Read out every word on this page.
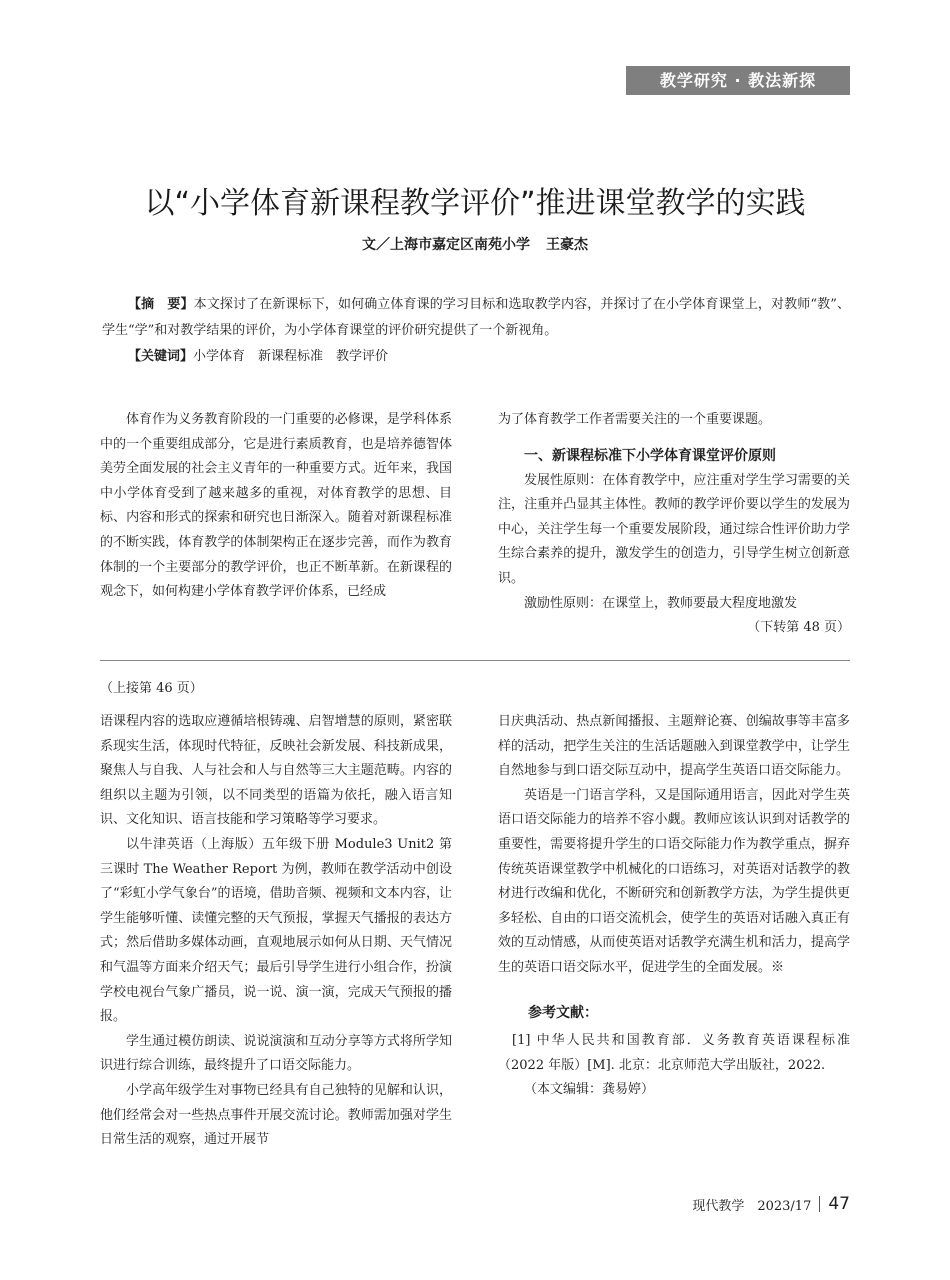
教学研究 · 教法新探
以“小学体育新课程教学评价”推进课堂教学的实践
文／上海市嘉定区南苑小学 王豪杰

【摘　要】本文探讨了在新课标下，如何确立体育课的学习目标和选取教学内容，并探讨了在小学体育课堂上，对教师“教”、学生“学”和对教学结果的评价，为小学体育课堂的评价研究提供了一个新视角。

【关键词】小学体育　新课程标准　教学评价

体育作为义务教育阶段的一门重要的必修课，是学科体系中的一个重要组成部分，它是进行素质教育，也是培养德智体美劳全面发展的社会主义青年的一种重要方式。近年来，我国中小学体育受到了越来越多的重视，对体育教学的思想、目标、内容和形式的探索和研究也日渐深入。随着对新课程标准的不断实践，体育教学的体制架构正在逐步完善，而作为教育体制的一个主要部分的教学评价，也正不断革新。在新课程的观念下，如何构建小学体育教学评价体系，已经成

为了体育教学工作者需要关注的一个重要课题。

一、新课程标准下小学体育课堂评价原则

发展性原则：在体育教学中，应注重对学生学习需要的关注，注重并凸显其主体性。教师的教学评价要以学生的发展为中心，关注学生每一个重要发展阶段，通过综合性评价助力学生综合素养的提升，激发学生的创造力，引导学生树立创新意识。

激励性原则：在课堂上，教师要最大程度地激发

（下转第 48 页）

（上接第 46 页）

语课程内容的选取应遵循培根铸魂、启智增慧的原则，紧密联系现实生活，体现时代特征，反映社会新发展、科技新成果，聚焦人与自我、人与社会和人与自然等三大主题范畴。内容的组织以主题为引领，以不同类型的语篇为依托，融入语言知识、文化知识、语言技能和学习策略等学习要求。

以牛津英语（上海版）五年级下册 Module3 Unit2 第三课时 The Weather Report 为例，教师在教学活动中创设了“彩虹小学气象台”的语境，借助音频、视频和文本内容，让学生能够听懂、读懂完整的天气预报，掌握天气播报的表达方式；然后借助多媒体动画，直观地展示如何从日期、天气情况和气温等方面来介绍天气；最后引导学生进行小组合作，扮演学校电视台气象广播员，说一说、演一演，完成天气预报的播报。

学生通过模仿朗读、说说演演和互动分享等方式将所学知识进行综合训练，最终提升了口语交际能力。

小学高年级学生对事物已经具有自己独特的见解和认识，他们经常会对一些热点事件开展交流讨论。教师需加强对学生日常生活的观察，通过开展节

日庆典活动、热点新闻播报、主题辩论赛、创编故事等丰富多样的活动，把学生关注的生活话题融入到课堂教学中，让学生自然地参与到口语交际互动中，提高学生英语口语交际能力。

英语是一门语言学科，又是国际通用语言，因此对学生英语口语交际能力的培养不容小觑。教师应该认识到对话教学的重要性，需要将提升学生的口语交际能力作为教学重点，摒弃传统英语课堂教学中机械化的口语练习，对英语对话教学的教材进行改编和优化，不断研究和创新教学方法，为学生提供更多轻松、自由的口语交流机会，使学生的英语对话融入真正有效的互动情感，从而使英语对话教学充满生机和活力，提高学生的英语口语交际水平，促进学生的全面发展。※

参考文献：

[1] 中华人民共和国教育部．义务教育英语课程标准（2022 年版）[M]. 北京：北京师范大学出版社，2022.

（本文编辑：龚易婷）

现代教学　2023/17 47
